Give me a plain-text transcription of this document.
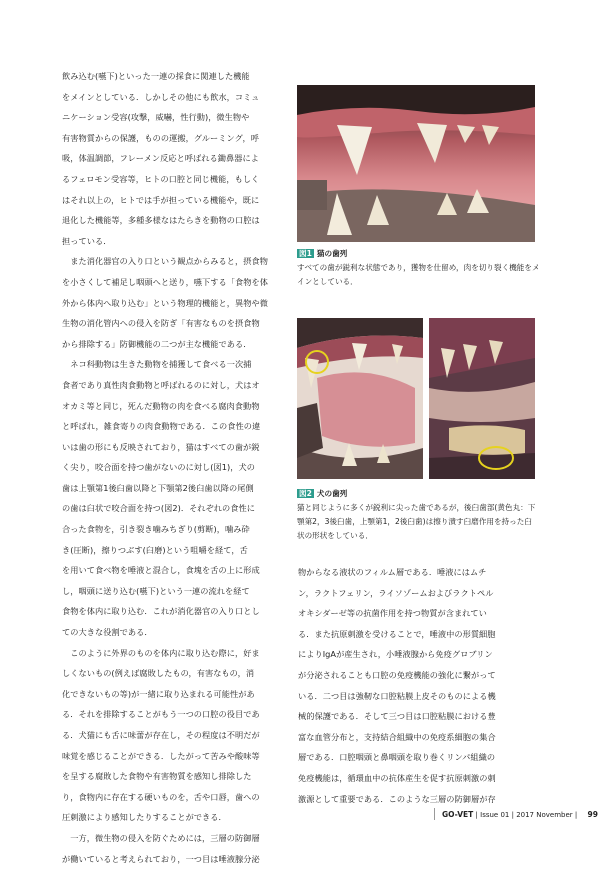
飲み込む(嚥下)といった一連の採食に関連した機能

をメインとしている．しかしその他にも飲水，コミュ

ニケーション受容(攻撃，威嚇，性行動)，微生物や

有害物質からの保護，ものの運搬，グルーミング，呼

吸，体温調節，フレーメン反応と呼ばれる鋤鼻器によ

るフェロモン受容等，ヒトの口腔と同じ機能，もしく

はそれ以上の，ヒトでは手が担っている機能や，既に

退化した機能等，多種多様なはたらきを動物の口腔は

担っている．

　また消化器官の入り口という観点からみると，摂食物

を小さくして補足し咽頭へと送り，嚥下する「食物を体

外から体内へ取り込む」という物理的機能と，異物や微

生物の消化管内への侵入を防ぎ「有害なものを摂食物

から排除する」防御機能の二つが主な機能である．

　ネコ科動物は生きた動物を捕獲して食べる一次捕

食者であり真性肉食動物と呼ばれるのに対し，犬はオ

オカミ等と同じ，死んだ動物の肉を食べる腐肉食動物

と呼ばれ，雑食寄りの肉食動物である．この食性の違

いは歯の形にも反映されており，猫はすべての歯が鋭

く尖り，咬合面を持つ歯がないのに対し(図1)，犬の

歯は上顎第1後臼歯以降と下顎第2後臼歯以降の尾側

の歯は臼状で咬合面を持つ(図2)．それぞれの食性に

合った食物を，引き裂き噛みちぎり(剪断)，噛み砕

き(圧断)，擦りつぶす(臼磨)という咀嚼を経て，舌

を用いて食べ物を唾液と混合し，食塊を舌の上に形成

し，咽頭に送り込む(嚥下)という一連の流れを経て

食物を体内に取り込む．これが消化器官の入り口とし

ての大きな役割である．

　このように外界のものを体内に取り込む際に，好ま

しくないもの(例えば腐敗したもの，有害なもの，消

化できないもの等)が一緒に取り込まれる可能性があ

る．それを排除することがもう一つの口腔の役目であ

る．犬猫にも舌に味蕾が存在し，その程度は不明だが

味覚を感じることができる．したがって苦みや酸味等

を呈する腐敗した食物や有害物質を感知し排除した

り，食物内に存在する硬いものを，舌や口唇，歯への

圧刺激により感知したりすることができる．

　一方，微生物の侵入を防ぐためには，三層の防御層

が働いていると考えられており，一つ目は唾液腺分泌

物からなる液状のフィルム層である．唾液にはムチ

ン，ラクトフェリン，ライソゾームおよびラクトペル

オキシダーゼ等の抗菌作用を持つ物質が含まれてい

る．また抗原刺激を受けることで，唾液中の形質細胞

によりIgAが産生され，小唾液腺から免疫グロブリン

が分泌されることも口腔の免疫機能の強化に繋がって

いる．二つ目は強靭な口腔粘膜上皮そのものによる機

械的保護である．そして三つ目は口腔粘膜における豊

富な血管分布と，支持結合組織中の免疫系細胞の集合

層である．口腔咽頭と鼻咽頭を取り巻くリンパ組織の

免疫機能は，循環血中の抗体産生を促す抗原刺激の刺

激源として重要である．このような三層の防御層が存

図1 猫の歯列
すべての歯が鋭利な状態であり，獲物を仕留め，肉を切り裂く機能をメ
インとしている．
図2 犬の歯列
猫と同じように多くが鋭利に尖った歯であるが，後臼歯部(黄色丸：下
顎第2，3後臼歯，上顎第1，2後臼歯)は擦り潰す臼磨作用を持った臼
状の形状をしている．
GO-VET | Issue 01 | 2017 November | 99
